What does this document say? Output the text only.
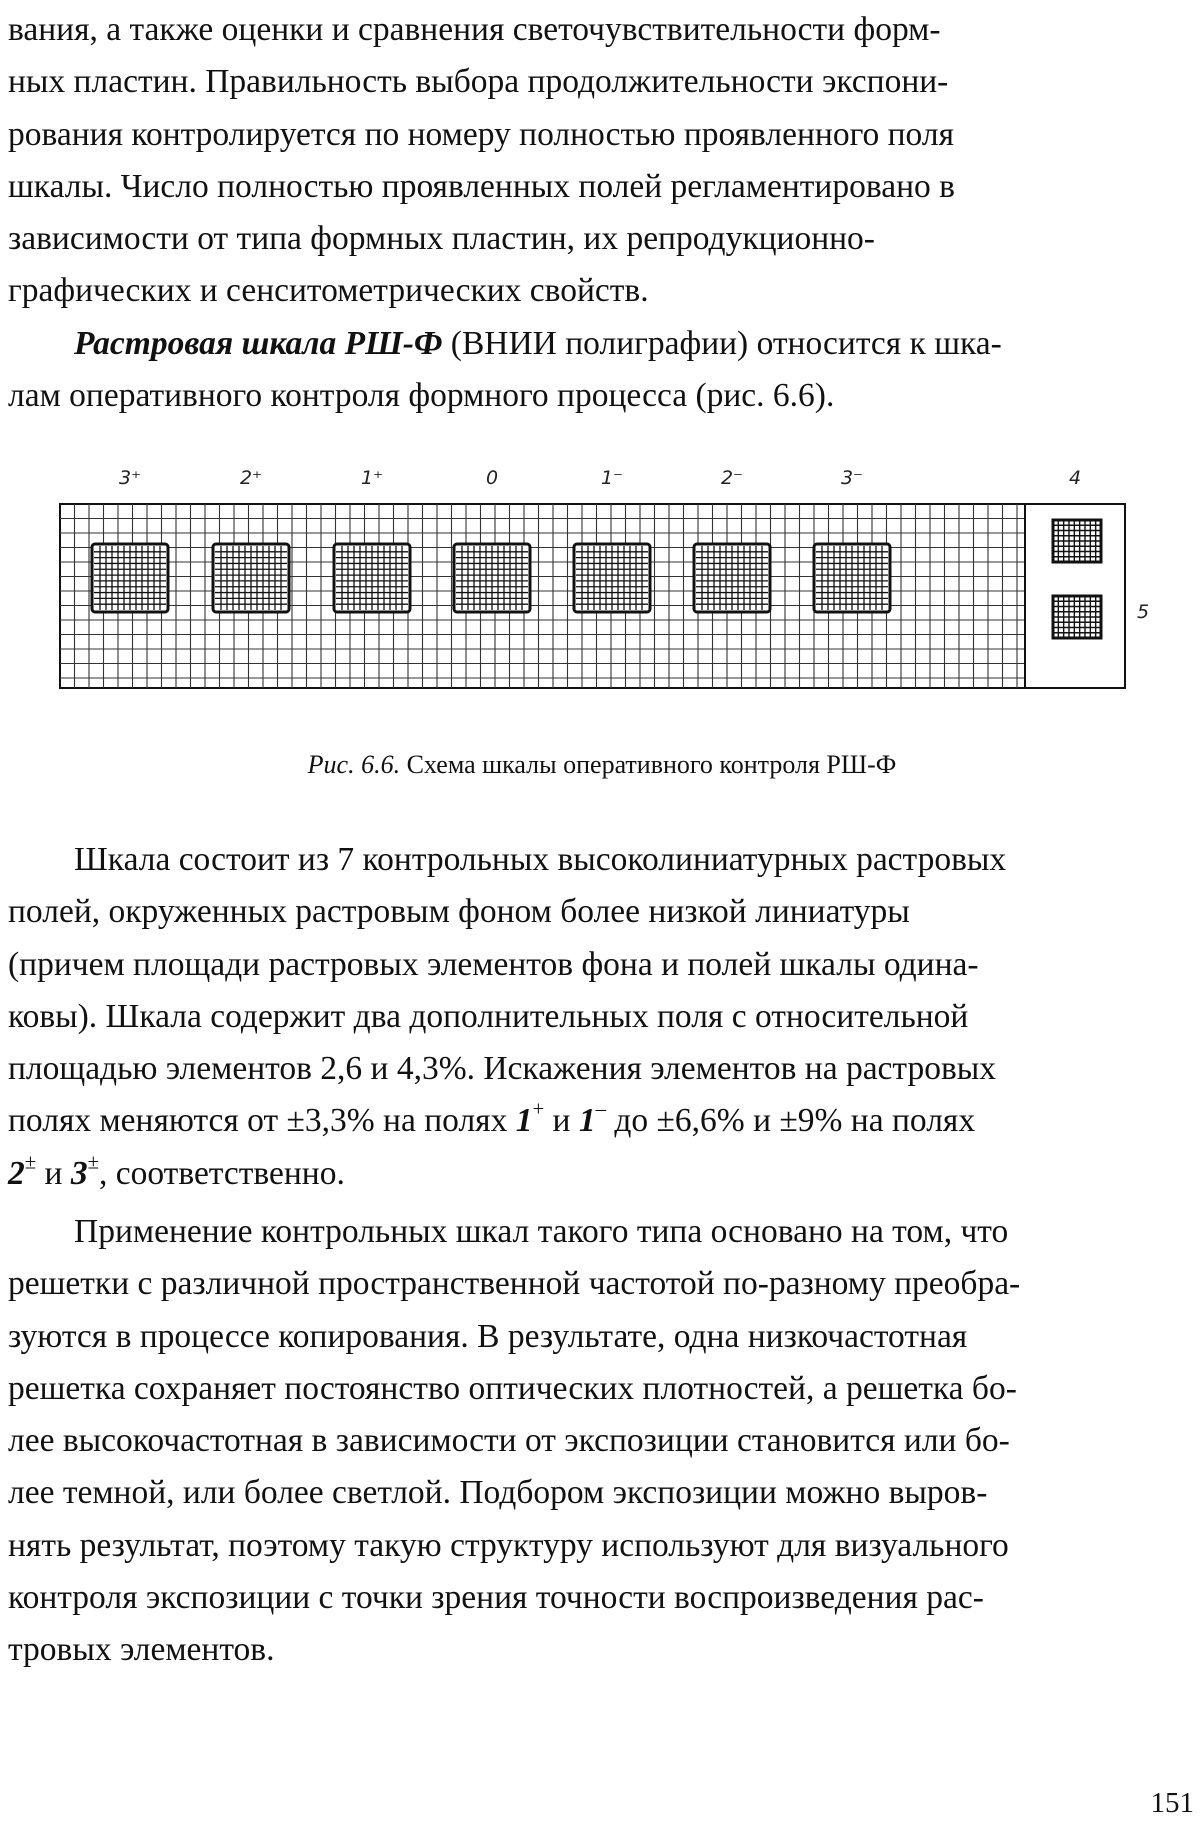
вания, а также оценки и сравнения светочувствительности форм-

ных пластин. Правильность выбора продолжительности экспони-

рования контролируется по номеру полностью проявленного поля

шкалы. Число полностью проявленных полей регламентировано в

зависимости от типа формных пластин, их репродукционно-

графических и сенситометрических свойств.

Растровая шкала РШ-Ф (ВНИИ полиграфии) относится к шка-

лам оперативного контроля формного процесса (рис. 6.6).

3⁺	2⁺	1⁺	0	1⁻	2⁻	3⁻	4
5
Рис. 6.6. Схема шкалы оперативного контроля РШ-Ф

Шкала состоит из 7 контрольных высоколиниатурных растровых

полей, окруженных растровым фоном более низкой линиатуры

(причем площади растровых элементов фона и полей шкалы одина-

ковы). Шкала содержит два дополнительных поля с относительной

площадью элементов 2,6 и 4,3%. Искажения элементов на растровых

полях меняются от ±3,3% на полях 1+ и 1– до ±6,6% и ±9% на полях

2± и 3±, соответственно.

Применение контрольных шкал такого типа основано на том, что

решетки с различной пространственной частотой по-разному преобра-

зуются в процессе копирования. В результате, одна низкочастотная

решетка сохраняет постоянство оптических плотностей, а решетка бо-

лее высокочастотная в зависимости от экспозиции становится или бо-

лее темной, или более светлой. Подбором экспозиции можно выров-

нять результат, поэтому такую структуру используют для визуального

контроля экспозиции с точки зрения точности воспроизведения рас-

тровых элементов.

151
